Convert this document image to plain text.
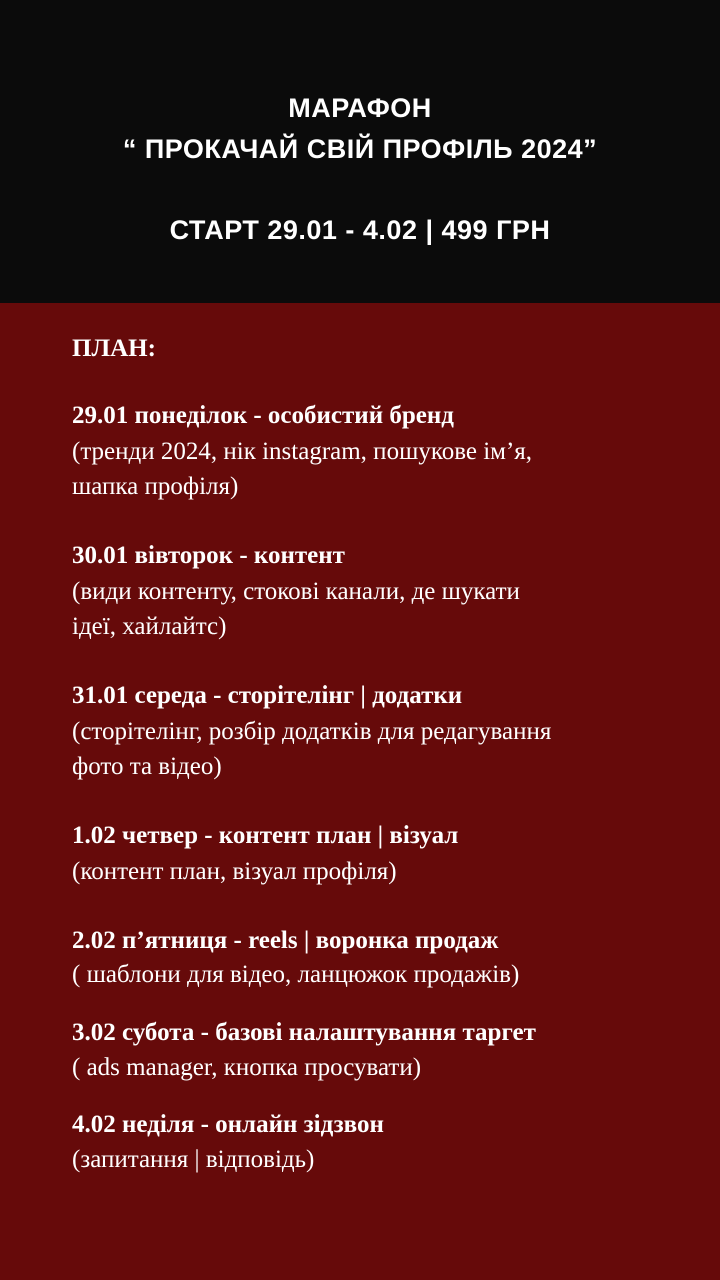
МАРАФОН
“ ПРОКАЧАЙ СВІЙ ПРОФІЛЬ 2024”
СТАРТ 29.01 - 4.02 | 499 ГРН
ПЛАН:
29.01 понеділок - особистий бренд
(тренди 2024, нік instagram, пошукове ім’я,
шапка профіля)
30.01 вівторок - контент
(види контенту, стокові канали, де шукати
ідеї, хайлайтс)
31.01 середа - сторітелінг | додатки
(сторітелінг, розбір додатків для редагування
фото та відео)
1.02 четвер - контент план | візуал
(контент план, візуал профіля)
2.02 п’ятниця - reels | воронка продаж
( шаблони для відео, ланцюжок продажів)
3.02 субота - базові налаштування таргет
( ads manager, кнопка просувати)
4.02 неділя - онлайн зідзвон
(запитання | відповідь)
